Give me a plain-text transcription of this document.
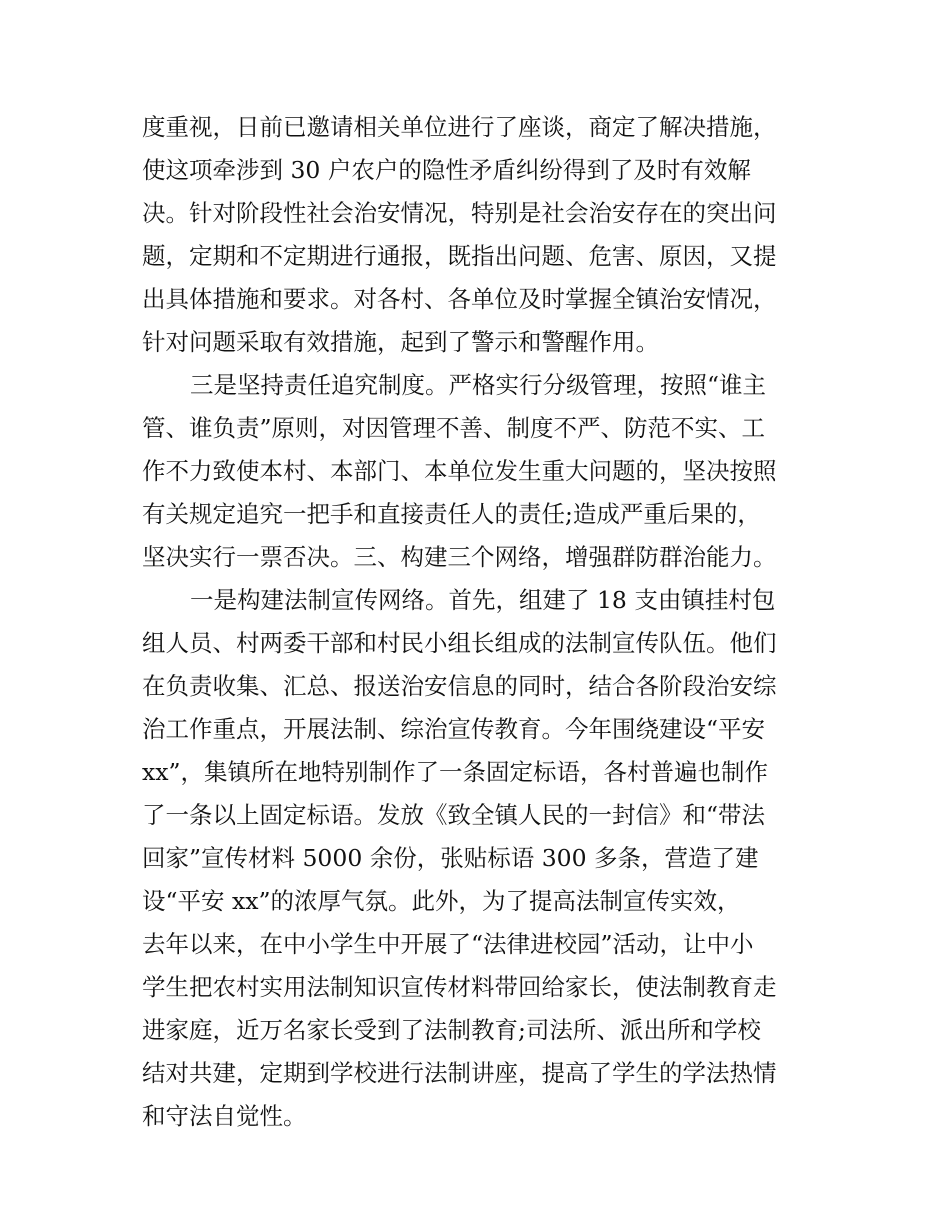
度重视，日前已邀请相关单位进行了座谈，商定了解决措施，
使这项牵涉到 30 户农户的隐性矛盾纠纷得到了及时有效解
决。针对阶段性社会治安情况，特别是社会治安存在的突出问
题，定期和不定期进行通报，既指出问题、危害、原因，又提
出具体措施和要求。对各村、各单位及时掌握全镇治安情况，
针对问题采取有效措施，起到了警示和警醒作用。
三是坚持责任追究制度。严格实行分级管理，按照“谁主
管、谁负责”原则，对因管理不善、制度不严、防范不实、工
作不力致使本村、本部门、本单位发生重大问题的，坚决按照
有关规定追究一把手和直接责任人的责任;造成严重后果的，
坚决实行一票否决。三、构建三个网络，增强群防群治能力。
一是构建法制宣传网络。首先，组建了 18 支由镇挂村包
组人员、村两委干部和村民小组长组成的法制宣传队伍。他们
在负责收集、汇总、报送治安信息的同时，结合各阶段治安综
治工作重点，开展法制、综治宣传教育。今年围绕建设“平安
xx”，集镇所在地特别制作了一条固定标语，各村普遍也制作
了一条以上固定标语。发放《致全镇人民的一封信》和“带法
回家”宣传材料 5000 余份，张贴标语 300 多条，营造了建
设“平安 xx”的浓厚气氛。此外，为了提高法制宣传实效，
去年以来，在中小学生中开展了“法律进校园”活动，让中小
学生把农村实用法制知识宣传材料带回给家长，使法制教育走
进家庭，近万名家长受到了法制教育;司法所、派出所和学校
结对共建，定期到学校进行法制讲座，提高了学生的学法热情
和守法自觉性。
